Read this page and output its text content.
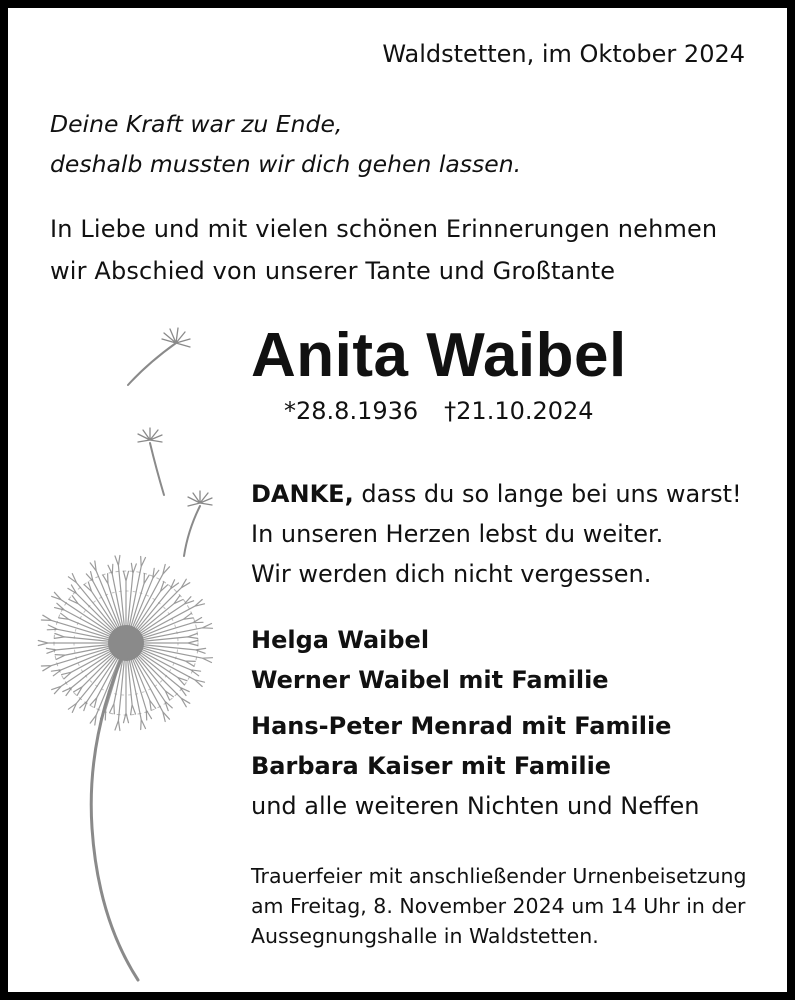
Waldstetten, im Oktober 2024

Deine Kraft war zu Ende,
deshalb mussten wir dich gehen lassen.

In Liebe und mit vielen schönen Erinnerungen nehmen
wir Abschied von unserer Tante und Großtante

Anita Waibel

*28.8.1936 †21.10.2024

DANKE, dass du so lange bei uns warst!
In unseren Herzen lebst du weiter.
Wir werden dich nicht vergessen.

Helga Waibel
Werner Waibel mit Familie

Hans-Peter Menrad mit Familie
Barbara Kaiser mit Familie
und alle weiteren Nichten und Neffen

Trauerfeier mit anschließender Urnenbeisetzung
am Freitag, 8. November 2024 um 14 Uhr in der
Aussegnungshalle in Waldstetten.
